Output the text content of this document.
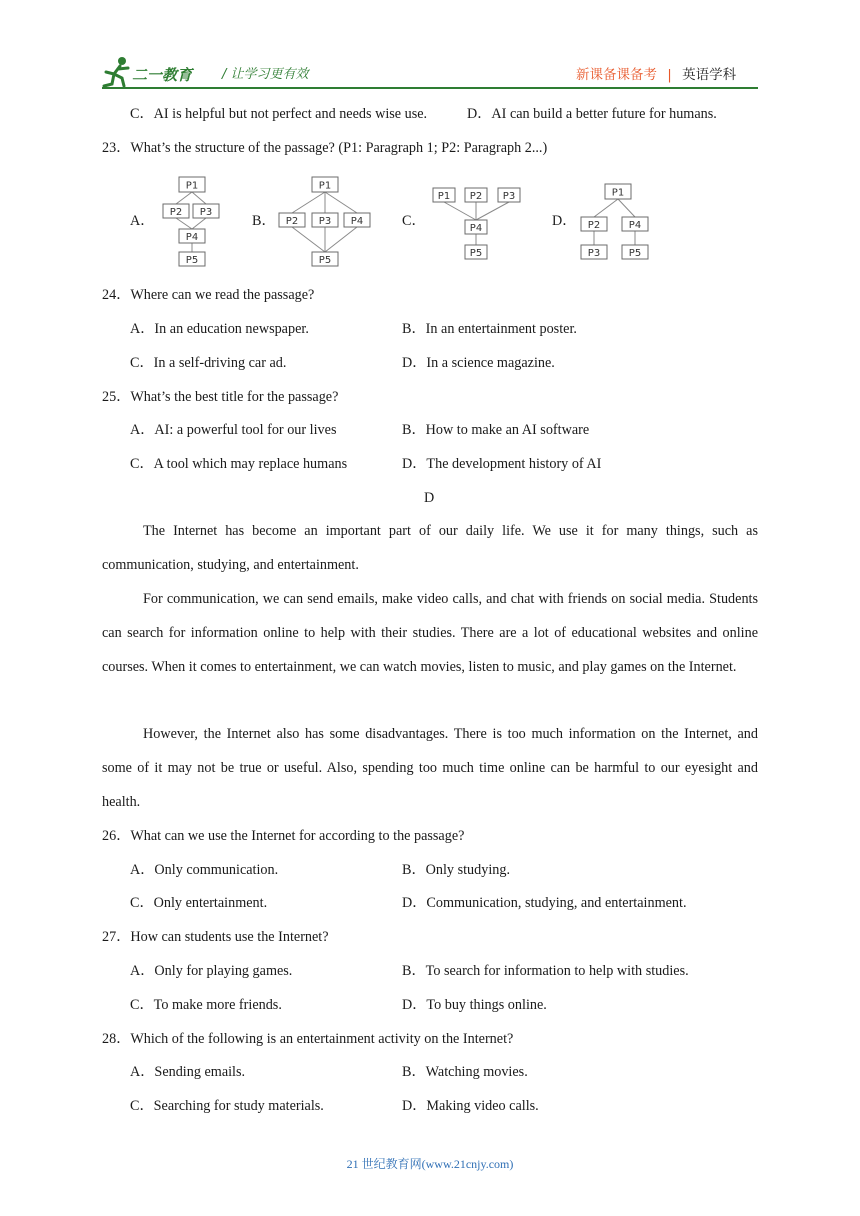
二一教育 / 让学习更有效	新课备课备考 | 英语学科
C．AI is helpful but not perfect and needs wise use.	D．AI can build a better future for humans.
23．What’s the structure of the passage? (P1: Paragraph 1; P2: Paragraph 2...)
A．	B．	C．	D．
P1
P2 P3
P4
P5
P1
P2 P3 P4
P5
P1 P2 P3
P4
P5
P1
P2	P4
P3	P5
24．Where can we read the passage?
A．In an education newspaper.	B．In an entertainment poster.
C．In a self-driving car ad.	D．In a science magazine.
25．What’s the best title for the passage?
A．AI: a powerful tool for our lives	B．How to make an AI software
C．A tool which may replace humans	D．The development history of AI
D
The Internet has become an important part of our daily life. We use it for many things, such as communication, studying, and entertainment.
For communication, we can send emails, make video calls, and chat with friends on social media. Students can search for information online to help with their studies. There are a lot of educational websites and online courses. When it comes to entertainment, we can watch movies, listen to music, and play games on the Internet.
However, the Internet also has some disadvantages. There is too much information on the Internet, and some of it may not be true or useful. Also, spending too much time online can be harmful to our eyesight and health.
26．What can we use the Internet for according to the passage?
A．Only communication.	B．Only studying.
C．Only entertainment.	D．Communication, studying, and entertainment.
27．How can students use the Internet?
A．Only for playing games.	B．To search for information to help with studies.
C．To make more friends.	D．To buy things online.
28．Which of the following is an entertainment activity on the Internet?
A．Sending emails.	B．Watching movies.
C．Searching for study materials.	D．Making video calls.
21 世纪教育网(www.21cnjy.com)
